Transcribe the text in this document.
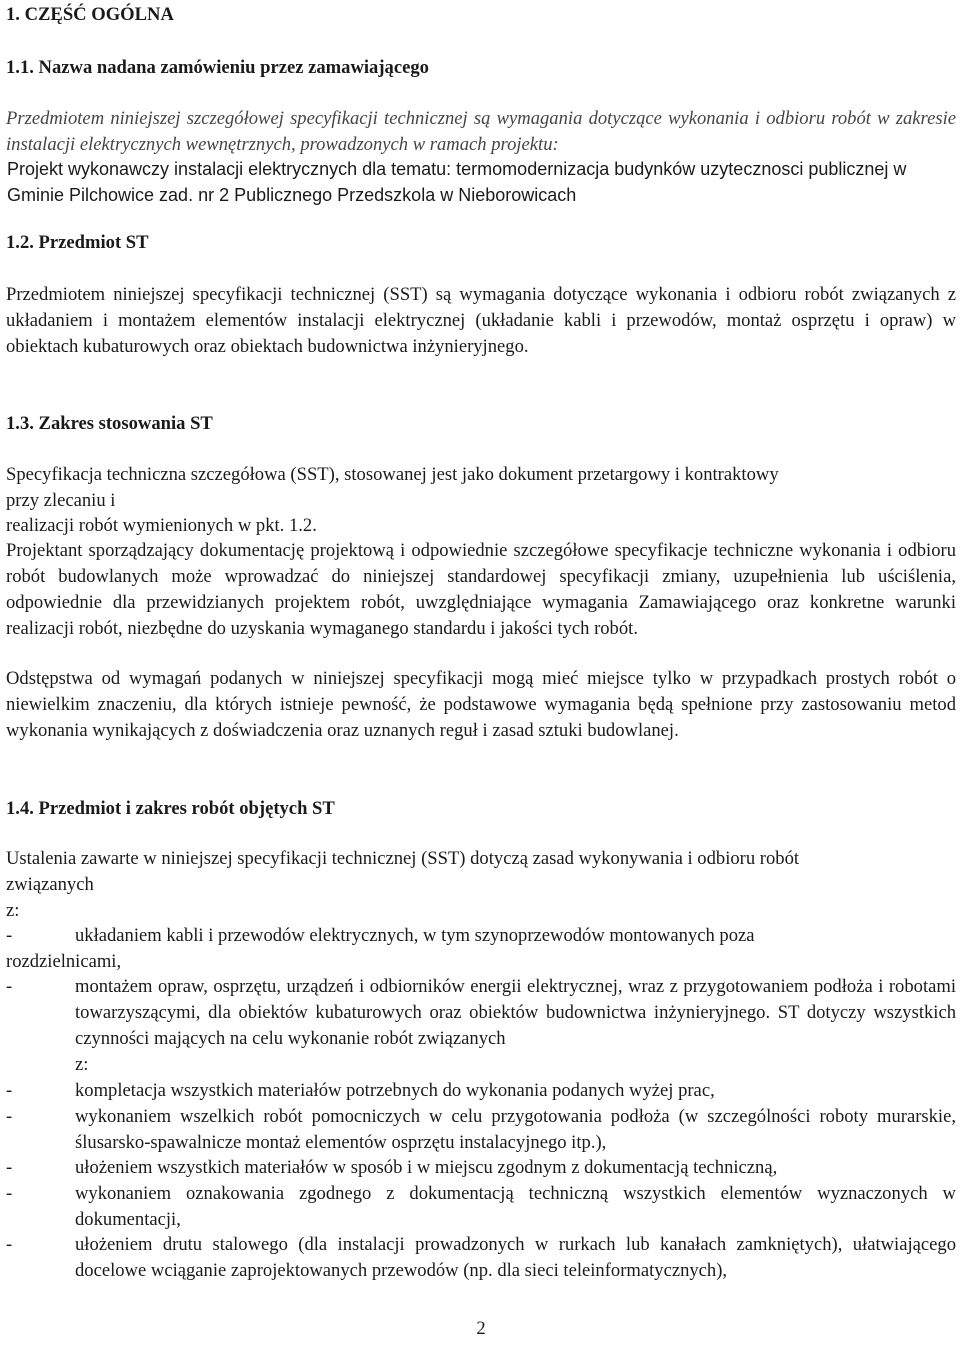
1. CZĘŚĆ OGÓLNA
1.1. Nazwa nadana zamówieniu przez zamawiającego

Przedmiotem niniejszej szczegółowej specyfikacji technicznej są wymagania dotyczące wykonania i odbioru robót w zakresie instalacji elektrycznych wewnętrznych, prowadzonych w ramach projektu:

Projekt wykonawczy instalacji elektrycznych dla tematu: termomodernizacja budynków uzytecznosci publicznej w Gminie Pilchowice zad. nr 2 Publicznego Przedszkola w Nieborowicach

1.2. Przedmiot ST

Przedmiotem niniejszej specyfikacji technicznej (SST) są wymagania dotyczące wykonania i odbioru robót związanych z układaniem i montażem elementów instalacji elektrycznej (układanie kabli i przewodów, montaż osprzętu i opraw) w obiektach kubaturowych oraz obiektach budownictwa inżynieryjnego.

1.3. Zakres stosowania ST
Specyfikacja techniczna szczegółowa (SST), stosowanej jest jako dokument przetargowy i kontraktowy
przy zlecaniu i
realizacji robót wymienionych w pkt. 1.2.

Projektant sporządzający dokumentację projektową i odpowiednie szczegółowe specyfikacje techniczne wykonania i odbioru robót budowlanych może wprowadzać do niniejszej standardowej specyfikacji zmiany, uzupełnienia lub uściślenia, odpowiednie dla przewidzianych projektem robót, uwzględniające wymagania Zamawiającego oraz konkretne warunki realizacji robót, niezbędne do uzyskania wymaganego standardu i jakości tych robót.

Odstępstwa od wymagań podanych w niniejszej specyfikacji mogą mieć miejsce tylko w przypadkach prostych robót o niewielkim znaczeniu, dla których istnieje pewność, że podstawowe wymagania będą spełnione przy zastosowaniu metod wykonania wynikających z doświadczenia oraz uznanych reguł i zasad sztuki budowlanej.

1.4. Przedmiot i zakres robót objętych ST
Ustalenia zawarte w niniejszej specyfikacji technicznej (SST) dotyczą zasad wykonywania i odbioru robót
związanych
z:
-	układaniem kabli i przewodów elektrycznych, w tym szynoprzewodów montowanych poza
rozdzielnicami,
-	montażem opraw, osprzętu, urządzeń i odbiorników energii elektrycznej, wraz z przygotowaniem podłoża i robotami towarzyszącymi, dla obiektów kubaturowych oraz obiektów budownictwa inżynieryjnego. ST dotyczy wszystkich czynności mających na celu wykonanie robót związanych
z:
-	kompletacja wszystkich materiałów potrzebnych do wykonania podanych wyżej prac,
-	wykonaniem wszelkich robót pomocniczych w celu przygotowania podłoża (w szczególności roboty murarskie, ślusarsko-spawalnicze montaż elementów osprzętu instalacyjnego itp.),
-	ułożeniem wszystkich materiałów w sposób i w miejscu zgodnym z dokumentacją techniczną,
-	wykonaniem oznakowania zgodnego z dokumentacją techniczną wszystkich elementów wyznaczonych w dokumentacji,
-	ułożeniem drutu stalowego (dla instalacji prowadzonych w rurkach lub kanałach zamkniętych), ułatwiającego docelowe wciąganie zaprojektowanych przewodów (np. dla sieci teleinformatycznych),
2
